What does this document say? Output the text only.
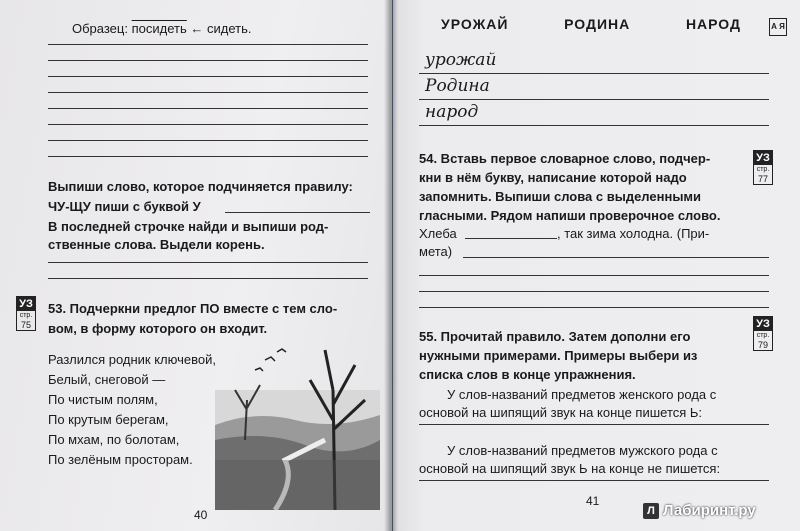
Образец: посидеть ← сидеть.
Выпиши слово, которое подчиняется правилу:
ЧУ-ЩУ пиши с буквой У
В последней строчке найди и выпиши род-
ственные слова. Выдели корень.
УЗ
стр.
75
53. Подчеркни предлог ПО вместе с тем сло-
вом, в форму которого он входит.
Разлился родник ключевой,
Белый, снеговой —
По чистым полям,
По крутым берегам,
По мхам, по болотам,
По зелёным просторам.
40
УРОЖАЙ	РОДИНА	НАРОД	А Я
урожай
Родина
народ
54. Вставь первое словарное слово, подчер-
кни в нём букву, написание которой надо
запомнить. Выпиши слова с выделенными
гласными. Рядом напиши проверочное слово.
УЗ
стр.
77
Хлеба	, так зима холодна. (При-
мета)
55. Прочитай правило. Затем дополни его
нужными примерами. Примеры выбери из
списка слов в конце упражнения.
УЗ
стр.
79
У слов-названий предметов женского рода с
основой на шипящий звук на конце пишется Ь:
У слов-названий предметов мужского рода с
основой на шипящий звук Ь на конце не пишется:
41
Л Лабиринт.ру
